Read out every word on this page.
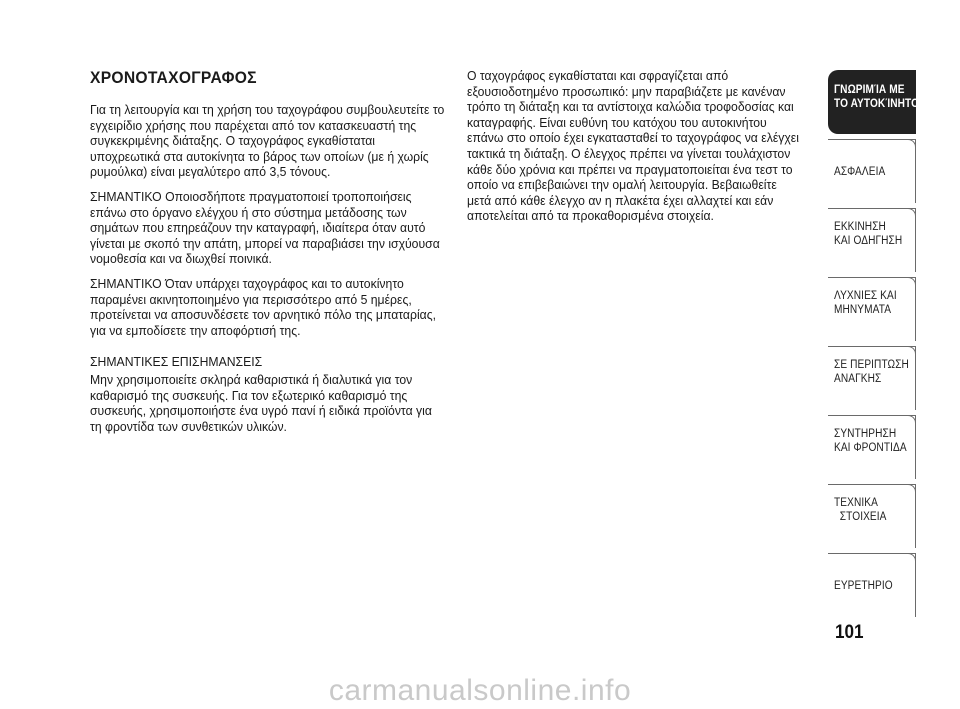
ΧΡΟΝΟΤΑΧΟΓΡΑΦΟΣ

Για τη λειτουργία και τη χρήση του ταχογράφου συμβουλευτείτε το εγχειρίδιο χρήσης που παρέχεται από τον κατασκευαστή της συγκεκριμένης διάταξης. Ο ταχογράφος εγκαθίσταται υποχρεωτικά στα αυτοκίνητα το βάρος των οποίων (με ή χωρίς ρυμούλκα) είναι μεγαλύτερο από 3,5 τόνους.

ΣΗΜΑΝΤΙΚΟ Οποιοσδήποτε πραγματοποιεί τροποποιήσεις επάνω στο όργανο ελέγχου ή στο σύστημα μετάδοσης των σημάτων που επηρεάζουν την καταγραφή, ιδιαίτερα όταν αυτό γίνεται με σκοπό την απάτη, μπορεί να παραβιάσει την ισχύουσα νομοθεσία και να διωχθεί ποινικά.

ΣΗΜΑΝΤΙΚΟ Όταν υπάρχει ταχογράφος και το αυτοκίνητο παραμένει ακινητοποιημένο για περισσότερο από 5 ημέρες, προτείνεται να αποσυνδέσετε τον αρνητικό πόλο της μπαταρίας, για να εμποδίσετε την αποφόρτισή της.

ΣΗΜΑΝΤΙΚΕΣ ΕΠΙΣΗΜΑΝΣΕΙΣ

Μην χρησιμοποιείτε σκληρά καθαριστικά ή διαλυτικά για τον καθαρισμό της συσκευής. Για τον εξωτερικό καθαρισμό της συσκευής, χρησιμοποιήστε ένα υγρό πανί ή ειδικά προϊόντα για τη φροντίδα των συνθετικών υλικών.

Ο ταχογράφος εγκαθίσταται και σφραγίζεται από εξουσιοδοτημένο προσωπικό: μην παραβιάζετε με κανέναν τρόπο τη διάταξη και τα αντίστοιχα καλώδια τροφοδοσίας και καταγραφής. Είναι ευθύνη του κατόχου του αυτοκινήτου επάνω στο οποίο έχει εγκατασταθεί το ταχογράφος να ελέγχει τακτικά τη διάταξη. Ο έλεγχος πρέπει να γίνεται τουλάχιστον κάθε δύο χρόνια και πρέπει να πραγματοποιείται ένα τεστ το οποίο να επιβεβαιώνει την ομαλή λειτουργία. Βεβαιωθείτε μετά από κάθε έλεγχο αν η πλακέτα έχει αλλαχτεί και εάν αποτελείται από τα προκαθορισμένα στοιχεία.

ΓΝΩΡΙΜΊΑ ΜΕ
ΤΟ ΑΥΤΟΚΊΝΗΤΟ
ΑΣΦΑΛΕΙΑ
ΕΚΚΙΝΗΣΗ
ΚΑΙ ΟΔΗΓΗΣΗ
ΛΥΧΝΙΕΣ ΚΑΙ
ΜΗΝΥΜΑΤΑ
ΣΕ ΠΕΡΙΠΤΩΣΗ
ΑΝΑΓΚΗΣ
ΣΥΝΤΗΡΗΣΗ
ΚΑΙ ΦΡΟΝΤΙΔΑ
ΤΕΧΝΙΚΑ
ΣΤΟΙΧΕΙΑ
ΕΥΡΕΤΗΡΙΟ
101
carmanualsonline.info
